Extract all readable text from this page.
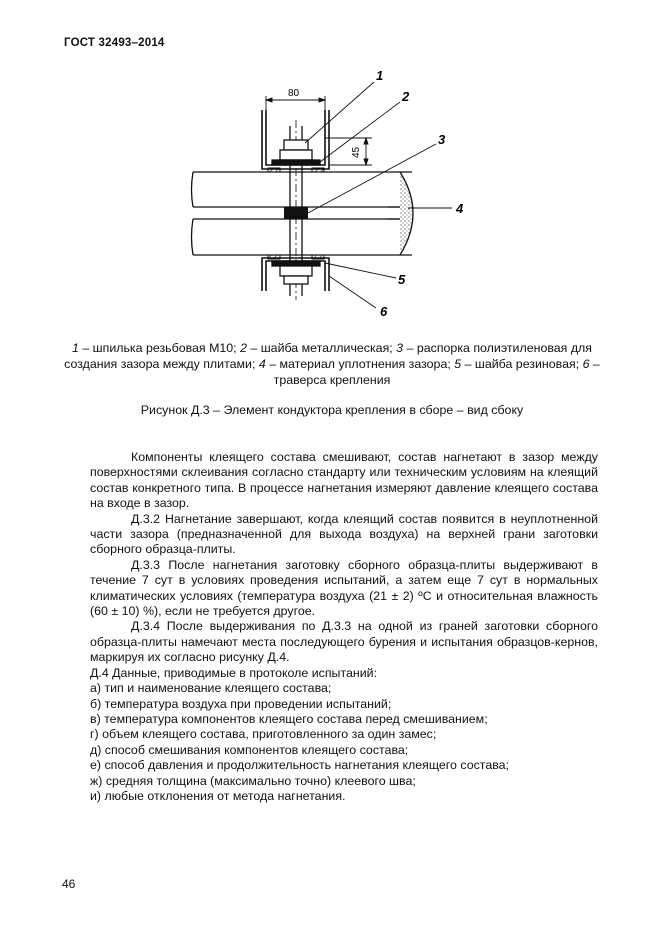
ГОСТ 32493–2014
80
45
1
2
3
4
5
6
1 – шпилька резьбовая М10; 2 – шайба металлическая; 3 – распорка полиэтиленовая для создания зазора между плитами; 4 – материал уплотнения зазора; 5 – шайба резиновая; 6 – траверса крепления
Рисунок Д.3 – Элемент кондуктора крепления в сборе – вид сбоку

Компоненты клеящего состава смешивают, состав нагнетают в зазор между поверхностями склеивания согласно стандарту или техническим условиям на клеящий состав конкретного типа. В процессе нагнетания измеряют давление клеящего состава на входе в зазор.

Д.3.2 Нагнетание завершают, когда клеящий состав появится в неуплотненной части зазора (предназначенной для выхода воздуха) на верхней грани заготовки сборного образца-плиты.

Д.3.3 После нагнетания заготовку сборного образца-плиты выдерживают в течение 7 сут в условиях проведения испытаний, а затем еще 7 сут в нормальных климатических условиях (температура воздуха (21 ± 2) ºС и относительная влажность (60 ± 10) %), если не требуется другое.

Д.3.4 После выдерживания по Д.3.3 на одной из граней заготовки сборного образца-плиты намечают места последующего бурения и испытания образцов-кернов, маркируя их согласно рисунку Д.4.

Д.4 Данные, приводимые в протоколе испытаний:

а) тип и наименование клеящего состава;

б) температура воздуха при проведении испытаний;

в) температура компонентов клеящего состава перед смешиванием;

г) объем клеящего состава, приготовленного за один замес;

д) способ смешивания компонентов клеящего состава;

е) способ давления и продолжительность нагнетания клеящего состава;

ж) средняя толщина (максимально точно) клеевого шва;

и) любые отклонения от метода нагнетания.

46
